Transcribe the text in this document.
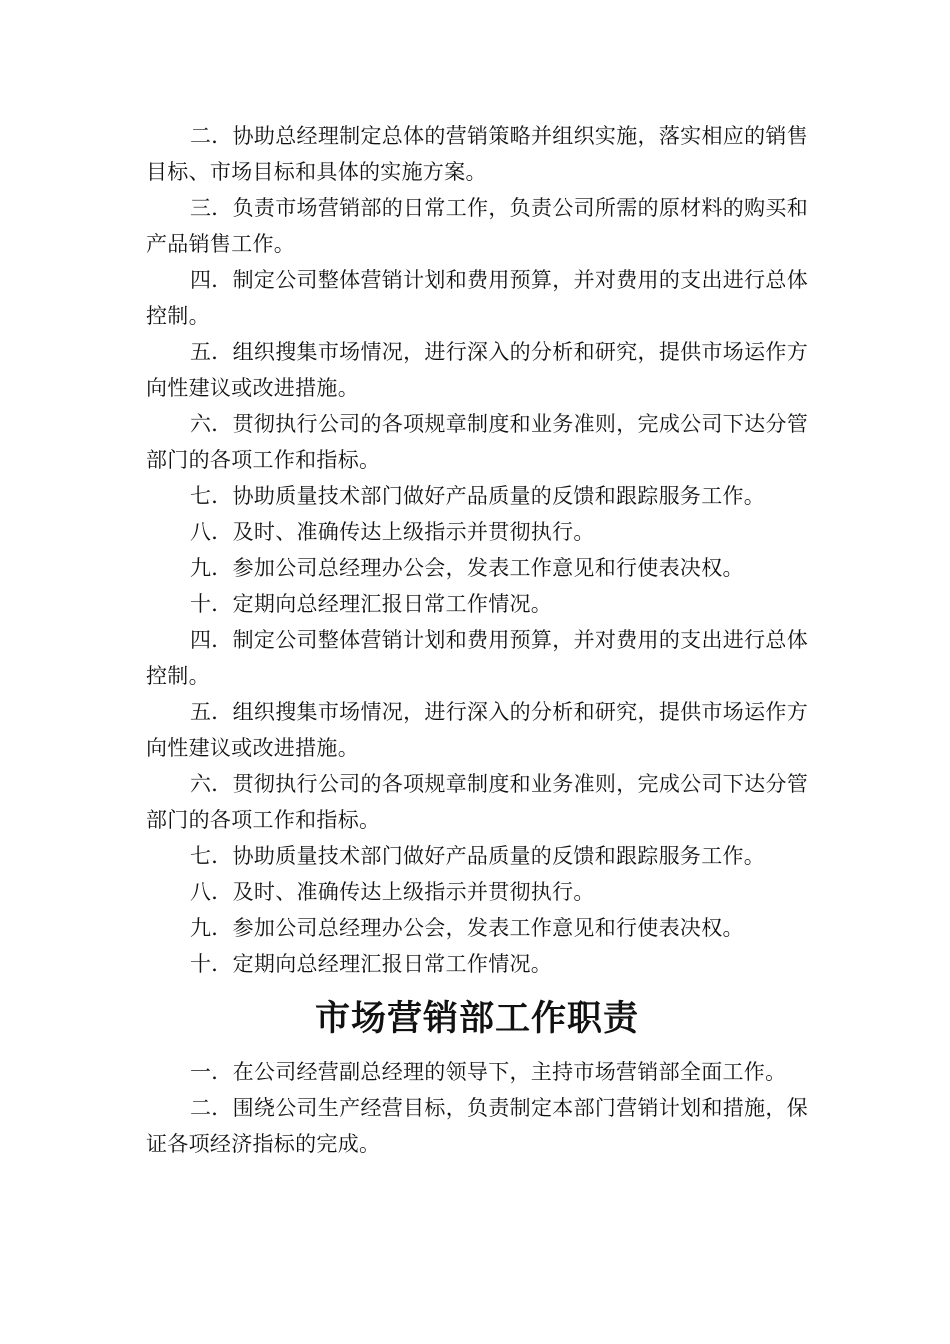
二．协助总经理制定总体的营销策略并组织实施，落实相应的销售目标、市场目标和具体的实施方案。

三．负责市场营销部的日常工作，负责公司所需的原材料的购买和产品销售工作。

四．制定公司整体营销计划和费用预算，并对费用的支出进行总体控制。

五．组织搜集市场情况，进行深入的分析和研究，提供市场运作方向性建议或改进措施。

六．贯彻执行公司的各项规章制度和业务准则，完成公司下达分管部门的各项工作和指标。

七．协助质量技术部门做好产品质量的反馈和跟踪服务工作。

八．及时、准确传达上级指示并贯彻执行。

九．参加公司总经理办公会，发表工作意见和行使表决权。

十．定期向总经理汇报日常工作情况。

四．制定公司整体营销计划和费用预算，并对费用的支出进行总体控制。

五．组织搜集市场情况，进行深入的分析和研究，提供市场运作方向性建议或改进措施。

六．贯彻执行公司的各项规章制度和业务准则，完成公司下达分管部门的各项工作和指标。

七．协助质量技术部门做好产品质量的反馈和跟踪服务工作。

八．及时、准确传达上级指示并贯彻执行。

九．参加公司总经理办公会，发表工作意见和行使表决权。

十．定期向总经理汇报日常工作情况。

市场营销部工作职责

一．在公司经营副总经理的领导下，主持市场营销部全面工作。

二．围绕公司生产经营目标，负责制定本部门营销计划和措施，保证各项经济指标的完成。
